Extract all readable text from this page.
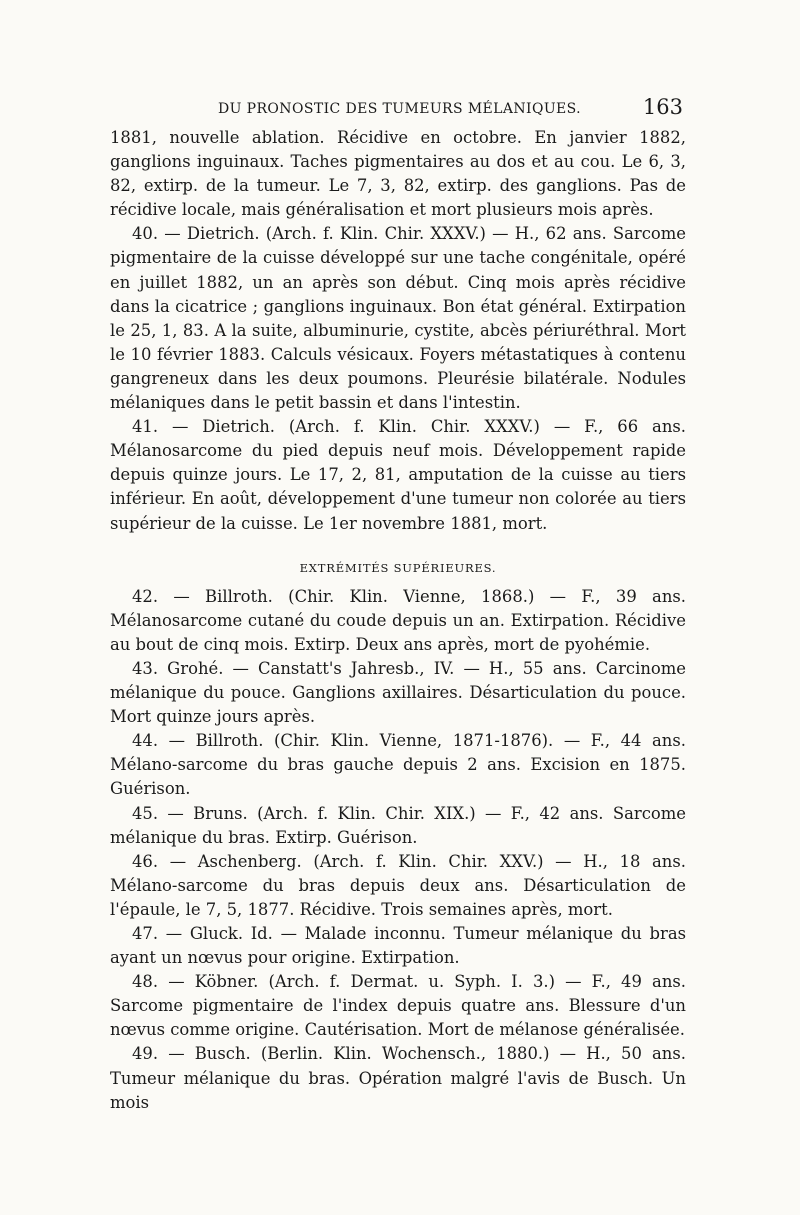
DU PRONOSTIC DES TUMEURS MÉLANIQUES.	163

1881, nouvelle ablation. Récidive en octobre. En janvier 1882, ganglions inguinaux. Taches pigmentaires au dos et au cou. Le 6, 3, 82, extirp. de la tumeur. Le 7, 3, 82, extirp. des ganglions. Pas de récidive locale, mais généralisation et mort plusieurs mois après.

40. — Dietrich. (Arch. f. Klin. Chir. XXXV.) — H., 62 ans. Sarcome pigmentaire de la cuisse développé sur une tache congénitale, opéré en juillet 1882, un an après son début. Cinq mois après récidive dans la cicatrice ; ganglions inguinaux. Bon état général. Extirpation le 25, 1, 83. A la suite, albuminurie, cystite, abcès périuréthral. Mort le 10 février 1883. Calculs vésicaux. Foyers métastatiques à contenu gangreneux dans les deux poumons. Pleurésie bilatérale. Nodules mélaniques dans le petit bassin et dans l'intestin.

41. — Dietrich. (Arch. f. Klin. Chir. XXXV.) — F., 66 ans. Mélanosarcome du pied depuis neuf mois. Développement rapide depuis quinze jours. Le 17, 2, 81, amputation de la cuisse au tiers inférieur. En août, développement d'une tumeur non colorée au tiers supérieur de la cuisse. Le 1er novembre 1881, mort.

EXTRÉMITÉS SUPÉRIEURES.

42. — Billroth. (Chir. Klin. Vienne, 1868.) — F., 39 ans. Mélanosarcome cutané du coude depuis un an. Extirpation. Récidive au bout de cinq mois. Extirp. Deux ans après, mort de pyohémie.

43. Grohé. — Canstatt's Jahresb., IV. — H., 55 ans. Carcinome mélanique du pouce. Ganglions axillaires. Désarticulation du pouce. Mort quinze jours après.

44. — Billroth. (Chir. Klin. Vienne, 1871-1876). — F., 44 ans. Mélano-sarcome du bras gauche depuis 2 ans. Excision en 1875. Guérison.

45. — Bruns. (Arch. f. Klin. Chir. XIX.) — F., 42 ans. Sarcome mélanique du bras. Extirp. Guérison.

46. — Aschenberg. (Arch. f. Klin. Chir. XXV.) — H., 18 ans. Mélano-sarcome du bras depuis deux ans. Désarticulation de l'épaule, le 7, 5, 1877. Récidive. Trois semaines après, mort.

47. — Gluck. Id. — Malade inconnu. Tumeur mélanique du bras ayant un nœvus pour origine. Extirpation.

48. — Köbner. (Arch. f. Dermat. u. Syph. I. 3.) — F., 49 ans. Sarcome pigmentaire de l'index depuis quatre ans. Blessure d'un nœvus comme origine. Cautérisation. Mort de mélanose généralisée.

49. — Busch. (Berlin. Klin. Wochensch., 1880.) — H., 50 ans. Tumeur mélanique du bras. Opération malgré l'avis de Busch. Un mois
